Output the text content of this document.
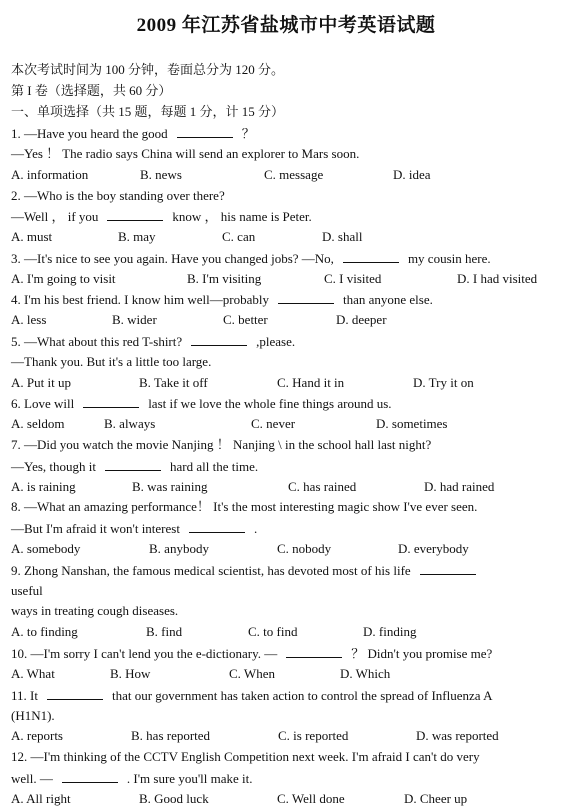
2009 年江苏省盐城市中考英语试题
本次考试时间为 100 分钟，卷面总分为 120 分。
第 I 卷（选择题，共 60 分）
一、单项选择（共 15 题，每题 1 分，计 15 分）
1. —Have you heard the good	？
—Yes ！ The radio says China will send an explorer to Mars soon.
A. information	B. news	C. message	D. idea
2. —Who is the boy standing over there?
—Well ， if you	know ， his name is Peter.
A. must	B. may	C. can	D. shall
3. —It's nice to see you again. Have you changed jobs? —No,	my cousin here.
A. I'm going to visit	B. I'm visiting	C. I visited	D. I had visited
4. I'm his best friend. I know him well—probably	than anyone else.
A. less	B. wider	C. better	D. deeper
5. —What about this red T-shirt?	,please.
—Thank you. But it's a little too large.
A. Put it up	B. Take it off	C. Hand it in	D. Try it on
6. Love will	last if we love the whole fine things around us.
A. seldom	B. always	C. never	D. sometimes
7. —Did you watch the movie Nanjing ！ Nanjing \ in the school hall last night?
—Yes, though it	hard all the time.
A. is raining	B. was raining	C. has rained	D. had rained
8. —What an amazing performance！ It's the most interesting magic show I've ever seen.
—But I'm afraid it won't interest	.
A. somebody	B. anybody	C. nobody	D. everybody
9. Zhong Nanshan, the famous medical scientist, has devoted most of his life
useful
ways in treating cough diseases.
A. to finding	B. find	C. to find	D. finding
10. —I'm sorry I can't lend you the e-dictionary. —	？ Didn't you promise me?
A. What	B. How	C. When	D. Which
11. It	that our government has taken action to control the spread of Influenza A
(H1N1).
A. reports	B. has reported	C. is reported	D. was reported
12. —I'm thinking of the CCTV English Competition next week. I'm afraid I can't do very
well. —	. I'm sure you'll make it.
A. All right	B. Good luck	C. Well done	D. Cheer up
